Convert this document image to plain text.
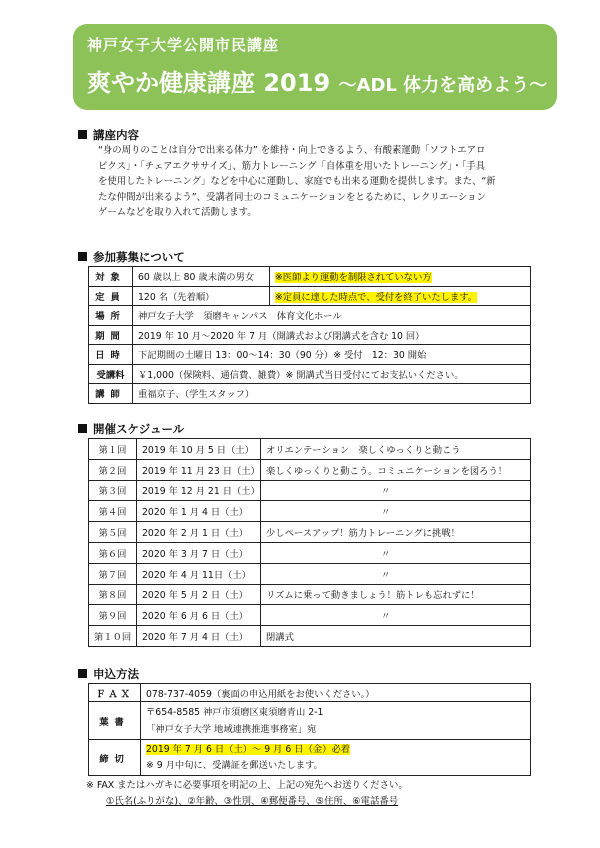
神戸女子大学公開市民講座
爽やか健康講座 2019 ～ADL 体力を高めよう～
講座内容
“身の周りのことは自分で出来る体力” を維持・向上できるよう、有酸素運動「ソフトエアロ
ビクス」・「チェアエクササイズ」、筋力トレーニング「自体重を用いたトレーニング」・「手具
を使用したトレーニング」などを中心に運動し、家庭でも出来る運動を提供します。また、“新
たな仲間が出来るよう”、受講者同士のコミュニケーションをとるために、レクリエーション
ゲームなどを取り入れて活動します。
参加募集について
対象	60 歳以上 80 歳未満の男女	※医師より運動を制限されていない方
定員	120 名（先着順）	※定員に達した時点で、受付を終了いたします。
場所	神戸女子大学　須磨キャンパス　体育文化ホール	
期間	2019 年 10 月～2020 年 7 月（開講式および閉講式を含む 10 回）	
日時	下記期間の土曜日 13：00～14：30（90 分）※ 受付　12：30 開始	
受講料	￥1,000（保険料、通信費、雑費）※ 開講式当日受付にてお支払いください。	
講師	重福京子、（学生スタッフ）	
開催スケジュール
第１回	2019 年 10 月 5 日（土）	オリエンテーション　楽しくゆっくりと動こう
第２回	2019 年 11 月 23 日（土）	楽しくゆっくりと動こう。コミュニケーションを図ろう！
第３回	2019 年 12 月 21 日（土）	〃
第４回	2020 年 1 月 4 日（土）	〃
第５回	2020 年 2 月 1 日（土）	少しペースアップ！筋力トレーニングに挑戦！
第６回	2020 年 3 月 7 日（土）	〃
第７回	2020 年 4 月 11日（土）	〃
第８回	2020 年 5 月 2 日（土）	リズムに乗って動きましょう！筋トレも忘れずに！
第９回	2020 年 6 月 6 日（土）	〃
第１０回	2020 年 7 月 4 日（土）	閉講式
申込方法
ＦＡＸ	078-737-4059（裏面の申込用紙をお使いください。）
葉書	〒654-8585 神戸市須磨区東須磨青山 2-1
「神戸女子大学 地域連携推進事務室」宛

締切	2019 年 7 月 6 日（土）～ 9 月 6 日（金）必着
※ 9 月中旬に、受講証を郵送いたします。
※ FAX またはハガキに必要事項を明記の上、上記の宛先へお送りください。
①氏名(ふりがな)、②年齢、③性別、④郵便番号、⑤住所、⑥電話番号
